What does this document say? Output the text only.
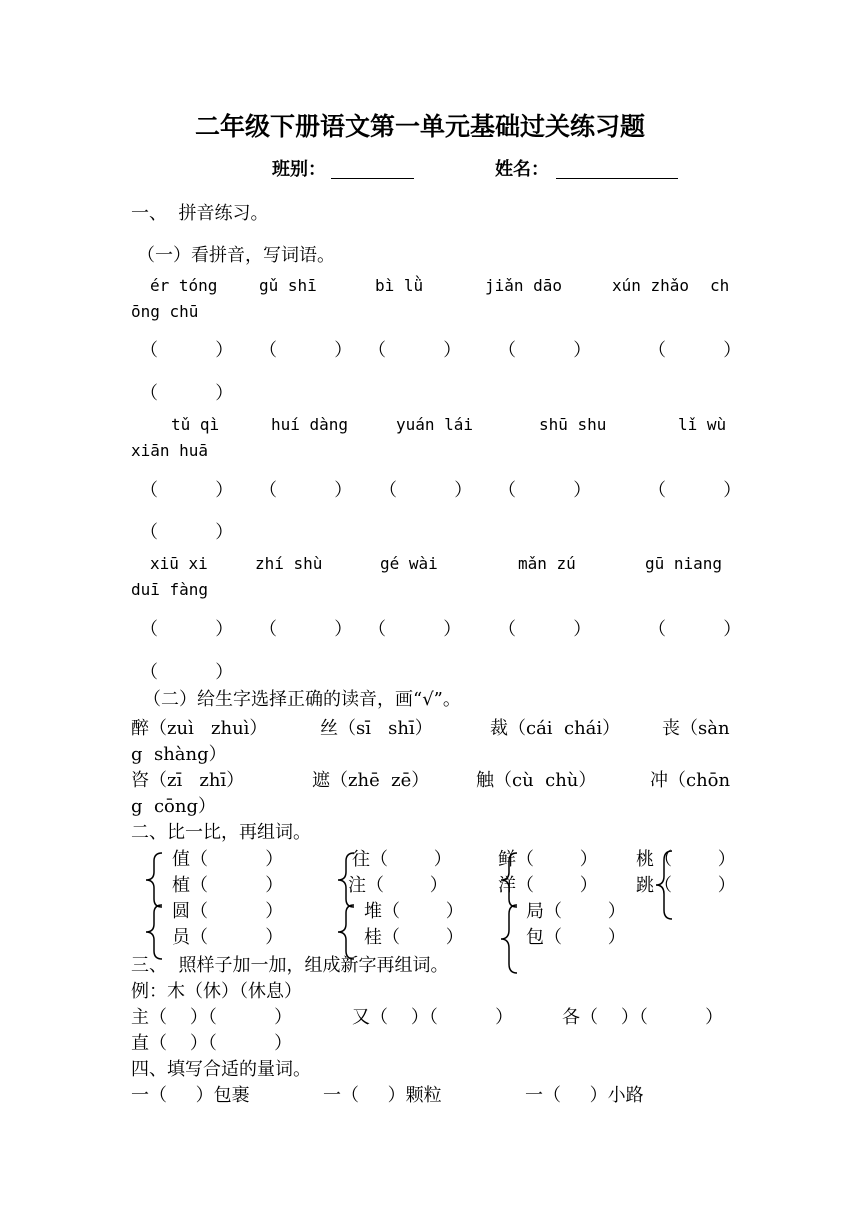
二年级下册语文第一单元基础过关练习题
班别：	姓名：
一、  拼音练习。
（一）看拼音，写词语。
ér tóng	gǔ shī	bì lǜ	jiǎn dāo	xún zhǎo ch
ōng chū
（          ） （          ） （          ） （          ）	（          ）
（          ）
tǔ qì	huí dàng	yuán lái	shū shu	lǐ wù
xiān huā
（          ） （          ） （          ） （          ）	（          ）
（          ）
xiū xi	zhí shù	gé wài	mǎn zú	gū niang
duī fàng
（          ） （          ） （          ） （          ）	（          ）
（          ）
（二）给生字选择正确的读音，画“√”。
醉（zuì   zhuì）	丝（sī   shī）	裁（cái  chái） 丧（sàn
g  shàng）
咨（zī   zhī）	遮（zhē  zē）	触（cù  chù）	冲（chōn
g  cōng）
二、比一比，再组词。
值（          ）	往（        ）	鲜（        ） 桃（        ）
植（          ）	注（        ）	洋（        ） 跳（        ）
圆（          ）	堆（        ）	局（        ）
员（          ）	桂（        ）	包（        ）
三、  照样子加一加，组成新字再组词。
例：木（休）（休息）
主（    ）（          ）	又（    ）（          ）	各（    ）（          ）
直（    ）（          ）
四、填写合适的量词。
一（     ）包裹	一（     ）颗粒	一（     ）小路
